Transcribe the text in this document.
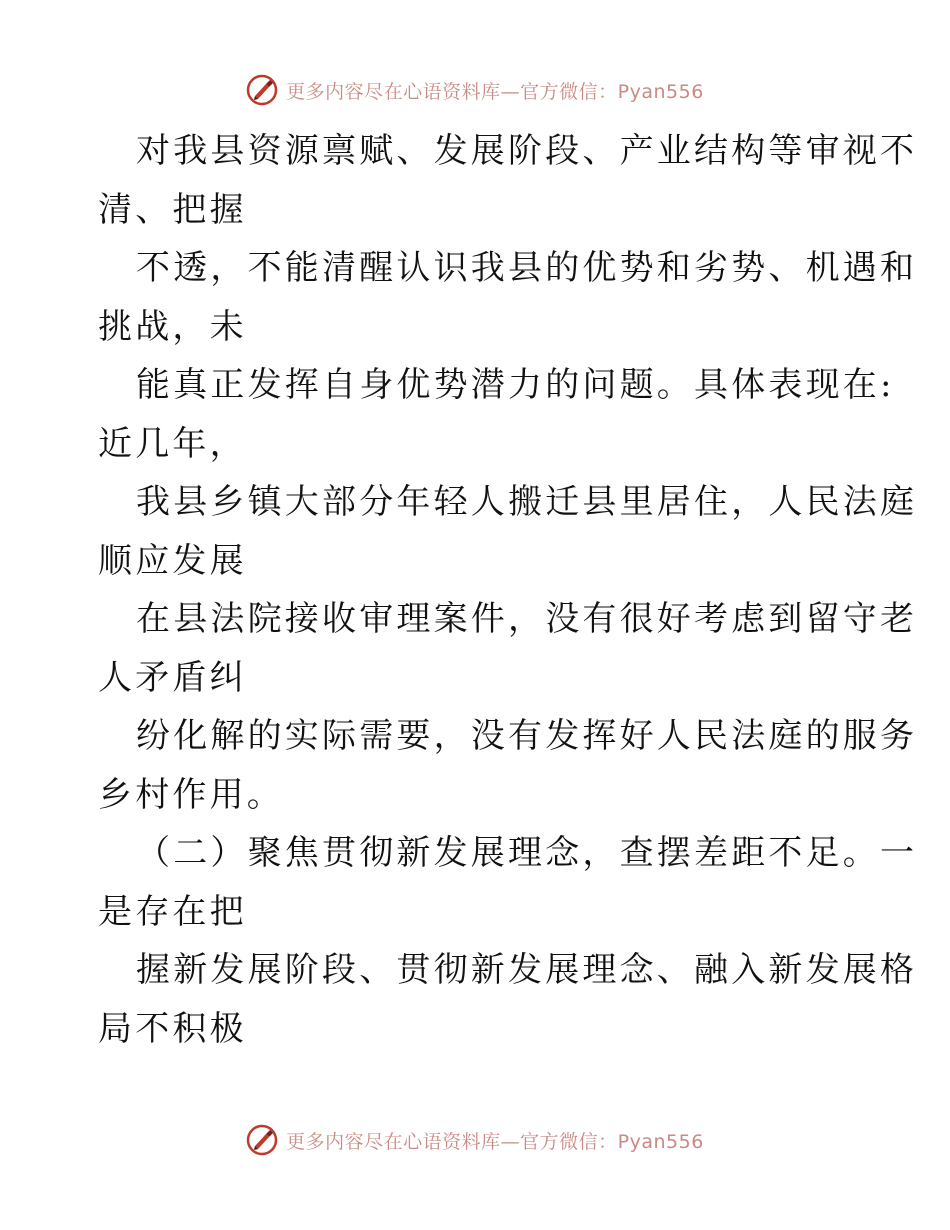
更多内容尽在心语资料库—官方微信：Pyan556

对我县资源禀赋、发展阶段、产业结构等审视不
清、把握

不透，不能清醒认识我县的优势和劣势、机遇和
挑战，未

能真正发挥自身优势潜力的问题。具体表现在:
近几年，

我县乡镇大部分年轻人搬迁县里居住，人民法庭
顺应发展

在县法院接收审理案件，没有很好考虑到留守老
人矛盾纠

纷化解的实际需要，没有发挥好人民法庭的服务
乡村作用。

（二）聚焦贯彻新发展理念，查摆差距不足。一
是存在把

握新发展阶段、贯彻新发展理念、融入新发展格
局不积极

更多内容尽在心语资料库—官方微信：Pyan556
